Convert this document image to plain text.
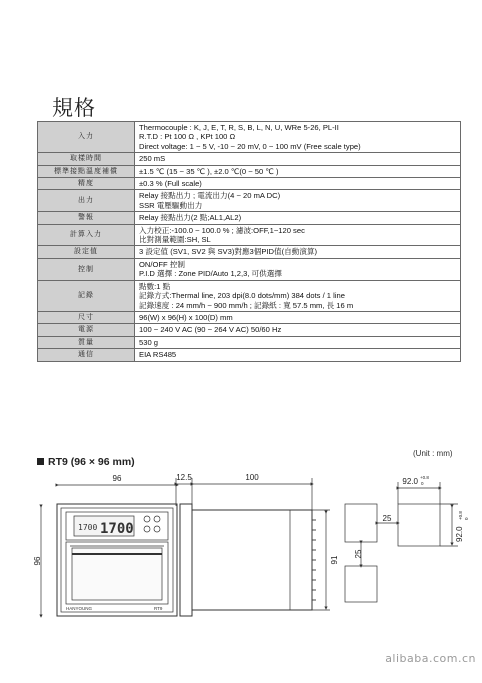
規格
入力	Thermocouple : K, J, E, T, R, S, B, L, N, U, WRe 5-26, PL-II
R.T.D : Pt 100 Ω , KPt 100 Ω
Direct voltage: 1 ~ 5 V, -10 ~ 20 mV, 0 ~ 100 mV (Free scale type)

取樣時間	250 mS

標準接點溫度補償	±1.5 ℃ (15 ~ 35 ℃ ), ±2.0 ℃(0 ~ 50 ℃ )

精度	±0.3 % (Full scale)

出力	Relay 接點出力 ; 電流出力(4 ~ 20 mA DC)
SSR 電壓驅動出力

警報	Relay 接點出力(2 點;AL1,AL2)

計算入力	入力校正:-100.0 ~ 100.0 % ; 濾波:OFF,1~120 sec
比對測量範圍:SH, SL

設定值	3 設定值 (SV1, SV2 與 SV3)對應3個PID值(自動演算)

控制	ON/OFF 控制
P.I.D 選擇 : Zone PID/Auto 1,2,3, 可供選擇

記錄	點數:1 點
記錄方式:Thermal line, 203 dpi(8.0 dots/mm) 384 dots / 1 line
記錄速度 : 24 mm/h ~ 900 mm/h ; 記錄紙 : 寬 57.5 mm, 長 16 m

尺寸	96(W) x 96(H) x 100(D) mm

電源	100 ~ 240 V AC (90 ~ 264 V AC) 50/60 Hz

質量	530 g

通信	EIA RS485
(Unit : mm)
RT9 (96 × 96 mm)
96
96
12.5	100
91
92.0 +0.8
0
25
25
92.0
+0.8 0
1700 1700
HANYOUNG	RT9
alibaba.com.cn
